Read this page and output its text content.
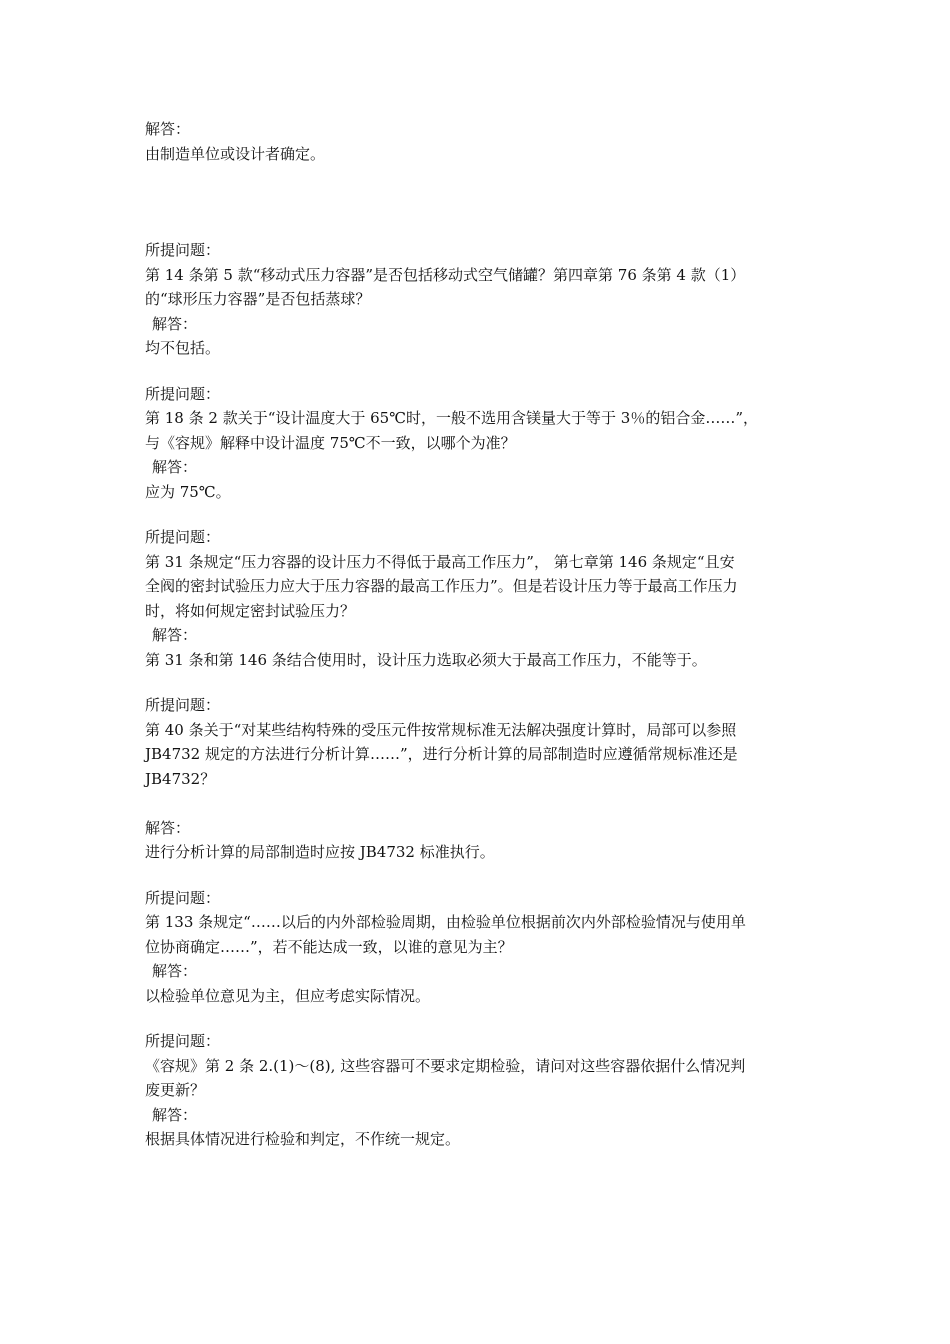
解答：

由制造单位或设计者确定。

所提问题：

第 14 条第 5 款“移动式压力容器”是否包括移动式空气储罐？第四章第 76 条第 4 款（1）

的“球形压力容器”是否包括蒸球？

解答：

均不包括。

所提问题：

第 18 条 2 款关于“设计温度大于 65℃时，一般不选用含镁量大于等于 3％的铝合金……”，

与《容规》解释中设计温度 75℃不一致，以哪个为准？

解答：

应为 75℃。

所提问题：

第 31 条规定“压力容器的设计压力不得低于最高工作压力”， 第七章第 146 条规定“且安

全阀的密封试验压力应大于压力容器的最高工作压力”。但是若设计压力等于最高工作压力

时，将如何规定密封试验压力？

解答：

第 31 条和第 146 条结合使用时，设计压力选取必须大于最高工作压力，不能等于。

所提问题：

第 40 条关于“对某些结构特殊的受压元件按常规标准无法解决强度计算时，局部可以参照

JB4732 规定的方法进行分析计算……”，进行分析计算的局部制造时应遵循常规标准还是

JB4732？

解答：

进行分析计算的局部制造时应按 JB4732 标准执行。

所提问题：

第 133 条规定“……以后的内外部检验周期，由检验单位根据前次内外部检验情况与使用单

位协商确定……”，若不能达成一致，以谁的意见为主？

解答：

以检验单位意见为主，但应考虑实际情况。

所提问题：

《容规》第 2 条 2.(1)～(8), 这些容器可不要求定期检验，请问对这些容器依据什么情况判

废更新？

解答：

根据具体情况进行检验和判定，不作统一规定。
